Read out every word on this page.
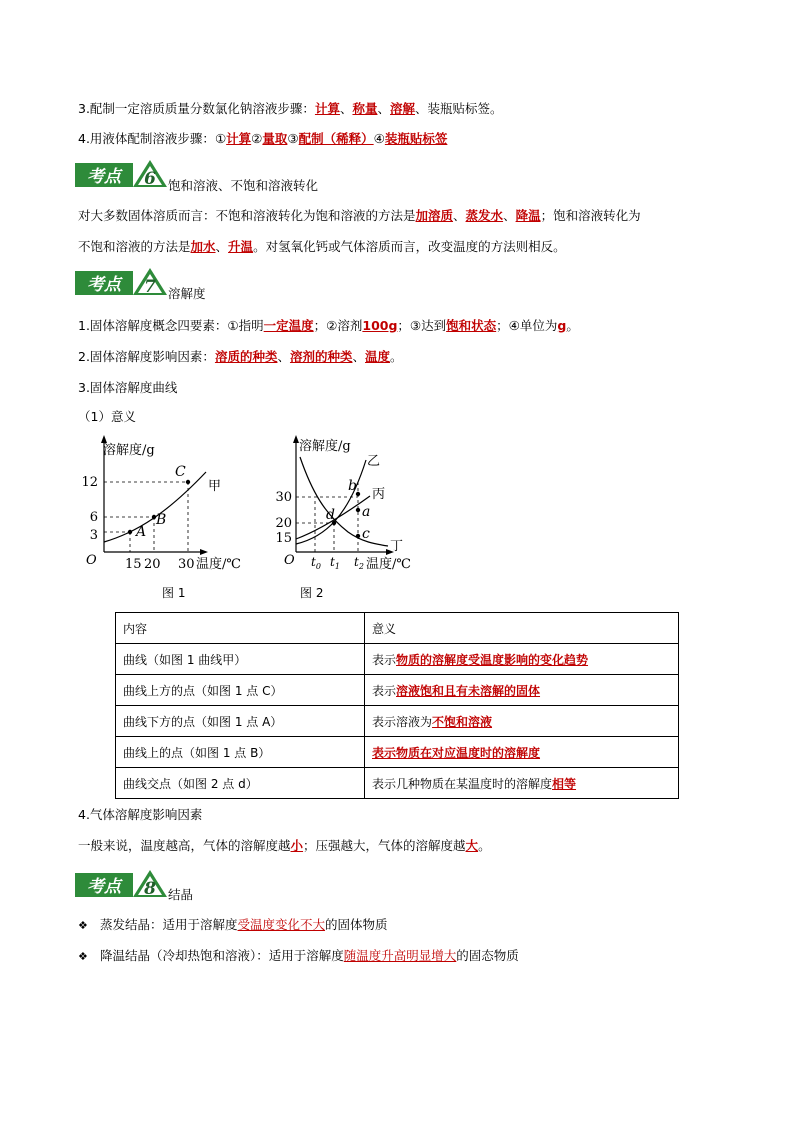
3.配制一定溶质质量分数氯化钠溶液步骤：计算、称量、溶解、装瓶贴标签。
4.用液体配制溶液步骤：①计算②量取③配制（稀释）④装瓶贴标签
考点 6 饱和溶液、不饱和溶液转化
对大多数固体溶质而言：不饱和溶液转化为饱和溶液的方法是加溶质、蒸发水、降温；饱和溶液转化为
不饱和溶液的方法是加水、升温。对氢氧化钙或气体溶质而言，改变温度的方法则相反。
考点 7 溶解度
1.固体溶解度概念四要素：①指明一定温度；②溶剂100g；③达到饱和状态；④单位为g。
2.固体溶解度影响因素：溶质的种类、溶剂的种类、温度。
3.固体溶解度曲线
（1）意义
溶解度/g
温度/℃
O
C
B
A
甲
12
6
3
15 20 30
图 1
溶解度/g
温度/℃
O
b
d a
c
乙
丙
丁
30
20
15
$t_0$ $t_1$ $t_2$
图 2
内容	意义
曲线（如图 1 曲线甲）	表示物质的溶解度受温度影响的变化趋势
曲线上方的点（如图 1 点 C）	表示溶液饱和且有未溶解的固体
曲线下方的点（如图 1 点 A）	表示溶液为不饱和溶液
曲线上的点（如图 1 点 B）	表示物质在对应温度时的溶解度
曲线交点（如图 2 点 d）	表示几种物质在某温度时的溶解度相等
4.气体溶解度影响因素
一般来说，温度越高，气体的溶解度越小；压强越大，气体的溶解度越大。
考点 8 结晶
❖ 蒸发结晶：适用于溶解度受温度变化不大的固体物质
❖ 降温结晶（冷却热饱和溶液）：适用于溶解度随温度升高明显增大的固态物质
